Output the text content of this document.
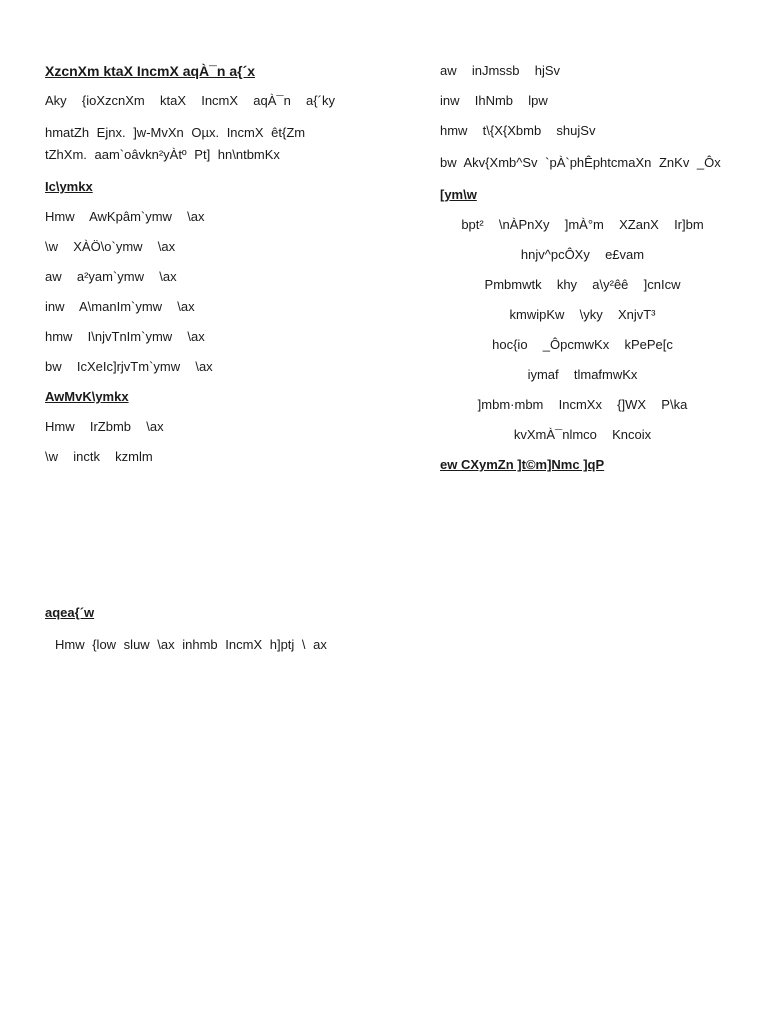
XzcnXm ktaX IncmX aqÀ¯n a{´x
Aky  {ioXzcnXm  ktaX  IncmX  aqÀ¯n  a{´ky
hmatZh Ejnx. ]w-MvXn Oµx. IncmX êt{Zm tZhXm. aam`oâvkn²yÀtº Pt] hn\ntbmKx
Ic\ymkx
Hmw  AwKpâm`ymw  \ax
\w  XÀÖ\o`ymw  \ax
aw  a²yam`ymw  \ax
inw  A\manIm`ymw  \ax
hmw  I\njvTnIm`ymw  \ax
bw  IcXeIc]rjvTm`ymw  \ax
AwMvK\ymkx
Hmw  IrZbmb  \ax
\w  inctk  kzmlm
aqea{´w
Hmw {low sluw \ax inhmb IncmX h]ptj \ ax
aw  inJmssb  hjSv
inw  IhNmb  lpw
hmw  t\{X{Xbmb  shujSv
bw Akv{Xmb^Sv `pÀ`phÊphtcmaXn ZnKv _Ôx
[ym\w
bpt²  \nÀPnXy  ]mÀ°m  XZanX  Ir]bm
hnjv^pcÔXy  e£vam
Pmbmwtk  khy  a\y²êê  ]cnIcw
kmwipKw  \yky  XnjvT³
hoc{io  _ÔpcmwKx  kPePe[c
iymaf  tlmafmwKx
]mbm·mbm  IncmXx  {]WX  P\ka
kvXmÀ¯nlmco  Kncoix
ew CXymZn ]t©m]Nmc ]qP
